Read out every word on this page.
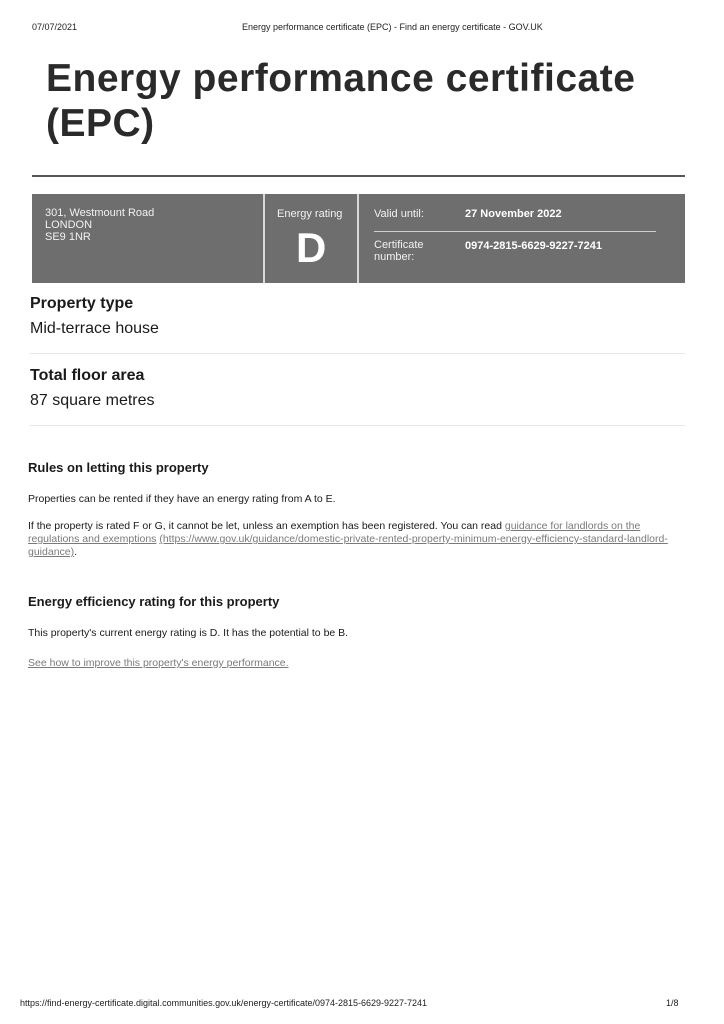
07/07/2021	Energy performance certificate (EPC) - Find an energy certificate - GOV.UK
Energy performance certificate (EPC)
301, Westmount Road
LONDON
SE9 1NR
Energy rating
D
Valid until:	27 November 2022
Certificate number:
0974-2815-6629-9227-7241
Property type
Mid-terrace house
Total floor area
87 square metres
Rules on letting this property
Properties can be rented if they have an energy rating from A to E.
If the property is rated F or G, it cannot be let, unless an exemption has been registered. You can read guidance for landlords on the regulations and exemptions (https://www.gov.uk/guidance/domestic-private-rented-property-minimum-energy-efficiency-standard-landlord-guidance).
Energy efficiency rating for this property
This property's current energy rating is D. It has the potential to be B.
See how to improve this property's energy performance.
https://find-energy-certificate.digital.communities.gov.uk/energy-certificate/0974-2815-6629-9227-7241	1/8
